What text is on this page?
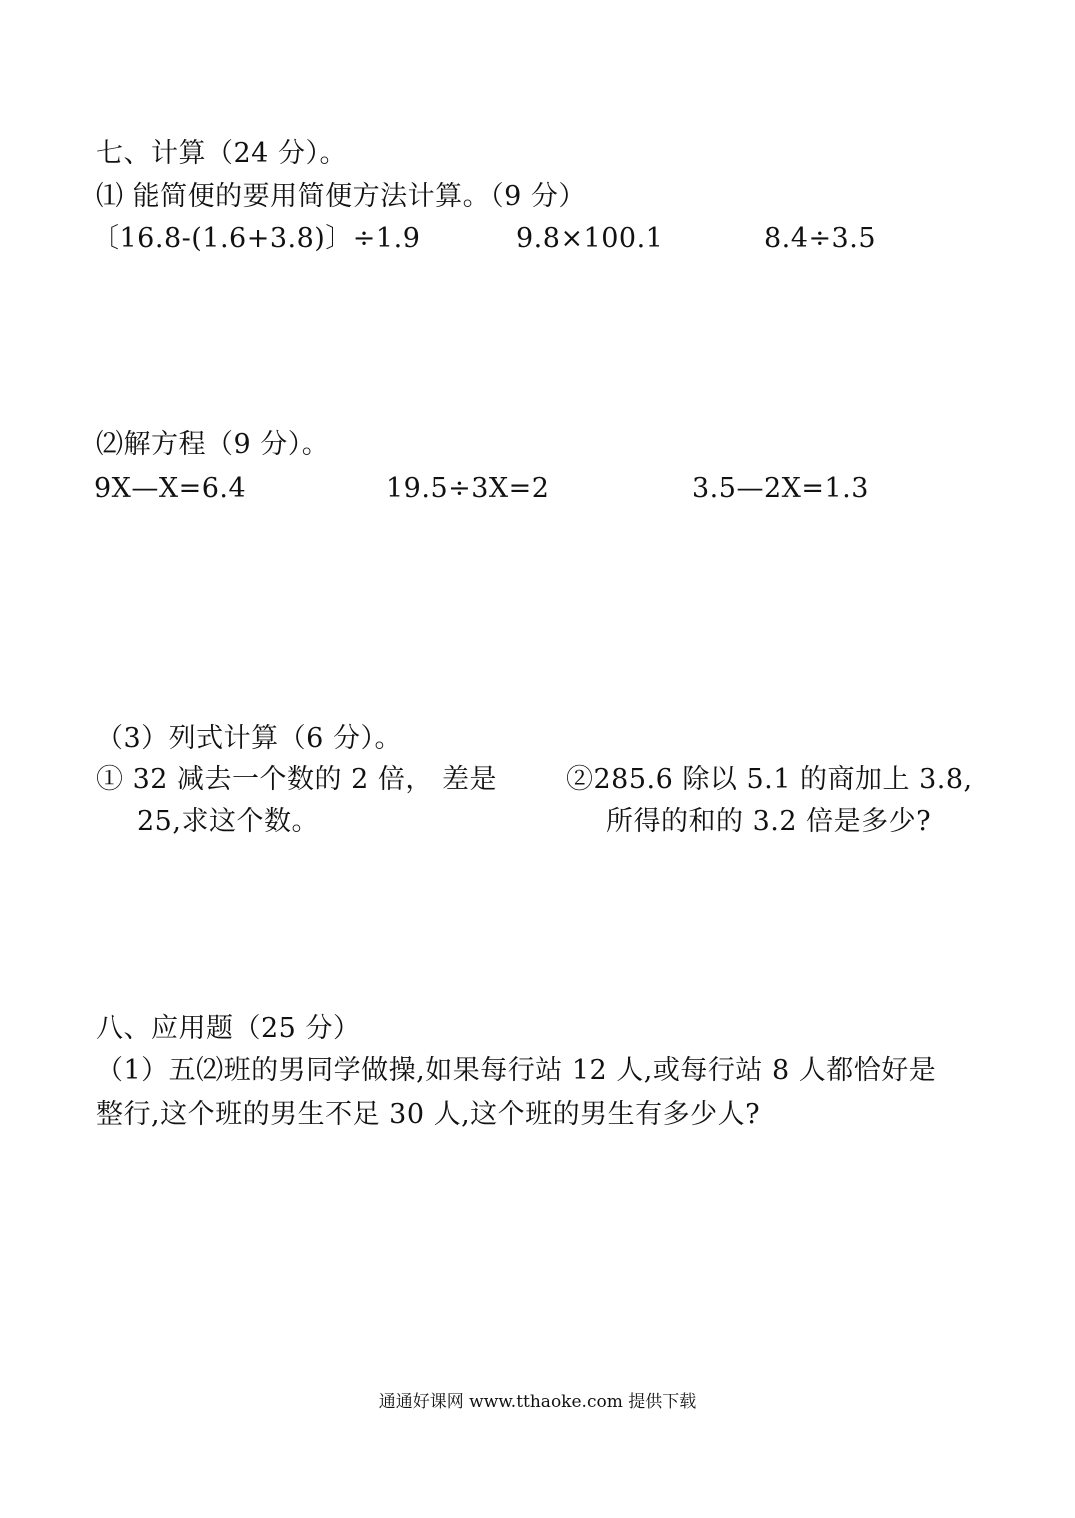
七、计算（24 分）。
⑴ 能简便的要用简便方法计算。（9 分）
〔16.8-(1.6+3.8)〕÷1.9	9.8×100.1	8.4÷3.5
⑵解方程（9 分）。
9X—X=6.4	19.5÷3X=2	3.5—2X=1.3
（3）列式计算（6 分）。
① 32 减去一个数的 2 倍， 差是
25,求这个数。
②285.6 除以 5.1 的商加上 3.8,
所得的和的 3.2 倍是多少?
八、应用题（25 分）
（1）五⑵班的男同学做操,如果每行站 12 人,或每行站 8 人都恰好是
整行,这个班的男生不足 30 人,这个班的男生有多少人?
通通好课网 www.tthaoke.com 提供下载
